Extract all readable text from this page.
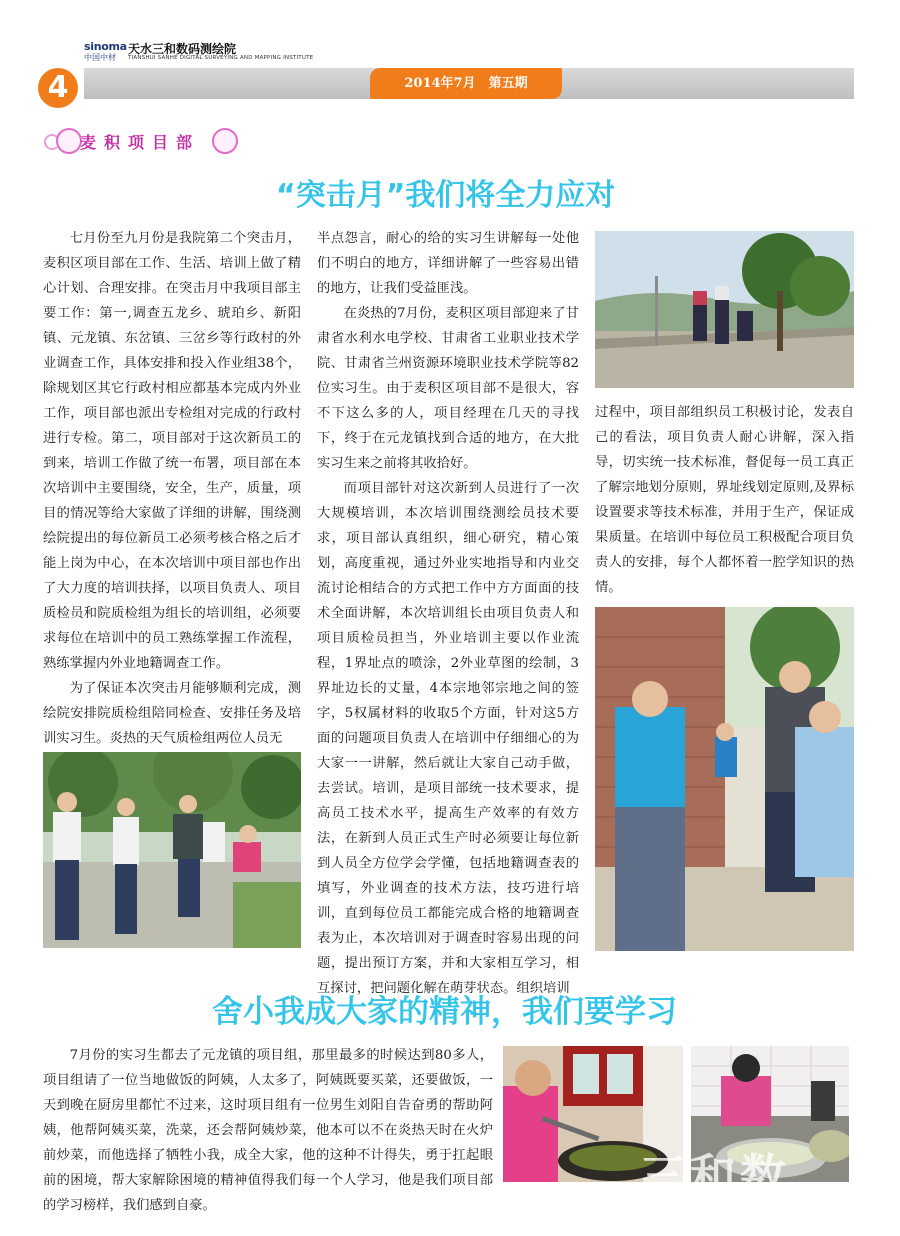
sinoma
中国中材
天水三和数码测绘院
TIANSHUI SANHE DIGITAL SURVEYING AND MAPPING INSTITUTE
4	2014年7月　第五期
麦积项目部
“突击月”我们将全力应对

七月份至九月份是我院第二个突击月，麦积区项目部在工作、生活、培训上做了精心计划、合理安排。在突击月中我项目部主要工作：第一,调查五龙乡、琥珀乡、新阳镇、元龙镇、东岔镇、三岔乡等行政村的外业调查工作，具体安排和投入作业组38个，除规划区其它行政村相应都基本完成内外业工作，项目部也派出专检组对完成的行政村进行专检。第二，项目部对于这次新员工的到来，培训工作做了统一布署，项目部在本次培训中主要围绕，安全，生产，质量，项目的情况等给大家做了详细的讲解，围绕测绘院提出的每位新员工必须考核合格之后才能上岗为中心，在本次培训中项目部也作出了大力度的培训扶择，以项目负责人、项目质检员和院质检组为组长的培训组，必须要求每位在培训中的员工熟练掌握工作流程，熟练掌握内外业地籍调查工作。

为了保证本次突击月能够顺利完成，测绘院安排院质检组陪同检查、安排任务及培训实习生。炎热的天气质检组两位人员无

半点怨言，耐心的给的实习生讲解每一处他们不明白的地方，详细讲解了一些容易出错的地方，让我们受益匪浅。

在炎热的7月份，麦积区项目部迎来了甘肃省水利水电学校、甘肃省工业职业技术学院、甘肃省兰州资源环境职业技术学院等82位实习生。由于麦积区项目部不是很大，容不下这么多的人，项目经理在几天的寻找下，终于在元龙镇找到合适的地方，在大批实习生来之前将其收拾好。

而项目部针对这次新到人员进行了一次大规模培训，本次培训围绕测绘员技术要求，项目部认真组织，细心研究，精心策划，高度重视，通过外业实地指导和内业交流讨论相结合的方式把工作中方方面面的技术全面讲解，本次培训组长由项目负责人和项目质检员担当，外业培训主要以作业流程，1界址点的喷涂，2外业草图的绘制，3界址边长的丈量，4本宗地邻宗地之间的签字，5权属材料的收取5个方面，针对这5方面的问题项目负责人在培训中仔细细心的为大家一一讲解，然后就让大家自己动手做，去尝试。培训，是项目部统一技术要求，提高员工技术水平，提高生产效率的有效方法，在新到人员正式生产时必须要让每位新到人员全方位学会学懂，包括地籍调查表的填写，外业调查的技术方法，技巧进行培训，直到每位员工都能完成合格的地籍调查表为止，本次培训对于调查时容易出现的问题，提出预订方案，并和大家相互学习，相互探讨，把问题化解在萌芽状态。组织培训

过程中，项目部组织员工积极讨论，发表自己的看法，项目负责人耐心讲解，深入指导，切实统一技术标准，督促每一员工真正了解宗地划分原则，界址线划定原则,及界标设置要求等技术标准，并用于生产，保证成果质量。在培训中每位员工积极配合项目负责人的安排，每个人都怀着一腔学知识的热情。

舍小我成大家的精神，我们要学习

7月份的实习生都去了元龙镇的项目组，那里最多的时候达到80多人，项目组请了一位当地做饭的阿姨，人太多了，阿姨既要买菜，还要做饭，一天到晚在厨房里都忙不过来，这时项目组有一位男生刘阳自告奋勇的帮助阿姨，他帮阿姨买菜，洗菜，还会帮阿姨炒菜，他本可以不在炎热天时在火炉前炒菜，而他选择了牺牲小我，成全大家，他的这种不计得失，勇于扛起眼前的困境，帮大家解除困境的精神值得我们每一个人学习，他是我们项目部的学习榜样，我们感到自豪。

三和数
